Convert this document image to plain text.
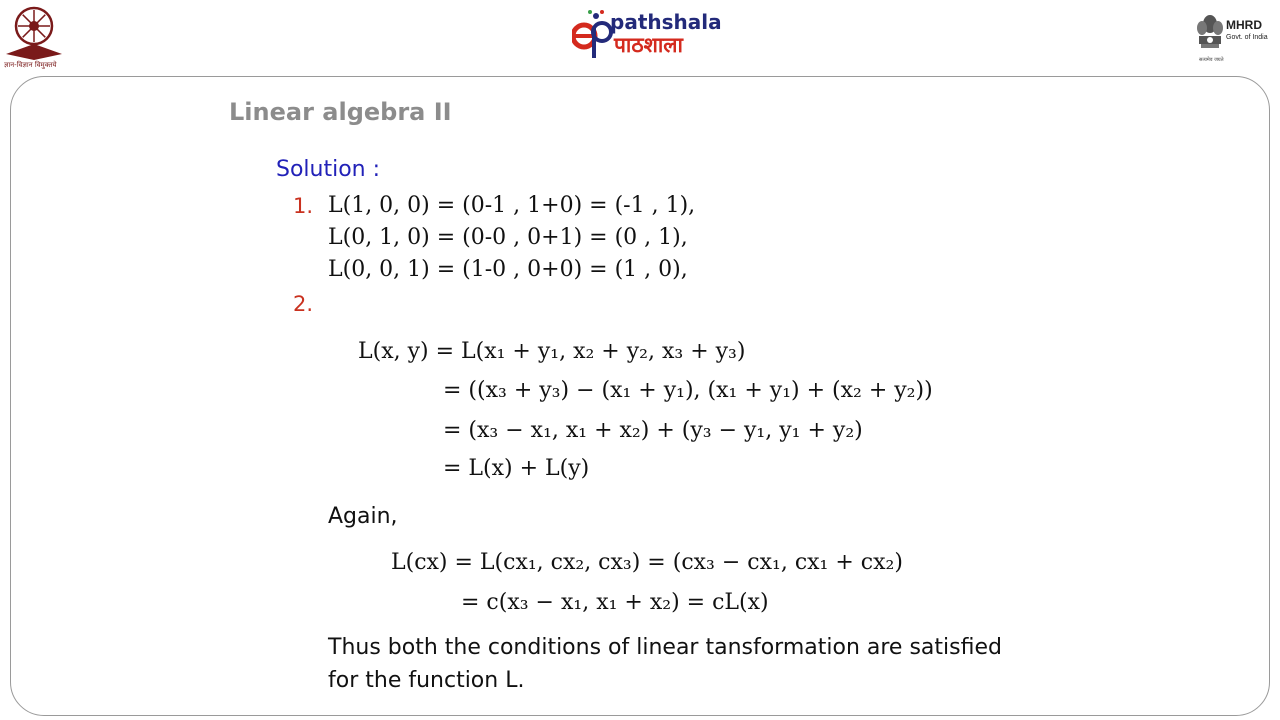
ज्ञान-विज्ञान विमुक्तये
pathshala
पाठशाला
MHRD
Govt. of India
सत्यमेव जयते
Linear algebra II
Solution :
1. L(1, 0, 0) = (0-1 , 1+0) = (-1 , 1),
L(0, 1, 0) = (0-0 , 0+1) = (0 , 1),
L(0, 0, 1) = (1-0 , 0+0) = (1 , 0),
2.
L(x, y) = L(x₁ + y₁, x₂ + y₂, x₃ + y₃)
= ((x₃ + y₃) − (x₁ + y₁), (x₁ + y₁) + (x₂ + y₂))
= (x₃ − x₁, x₁ + x₂) + (y₃ − y₁, y₁ + y₂)
= L(x) + L(y)
Again,
L(cx) = L(cx₁, cx₂, cx₃) = (cx₃ − cx₁, cx₁ + cx₂)
= c(x₃ − x₁, x₁ + x₂) = cL(x)
Thus both the conditions of linear tansformation are satisfied
for the function L.
